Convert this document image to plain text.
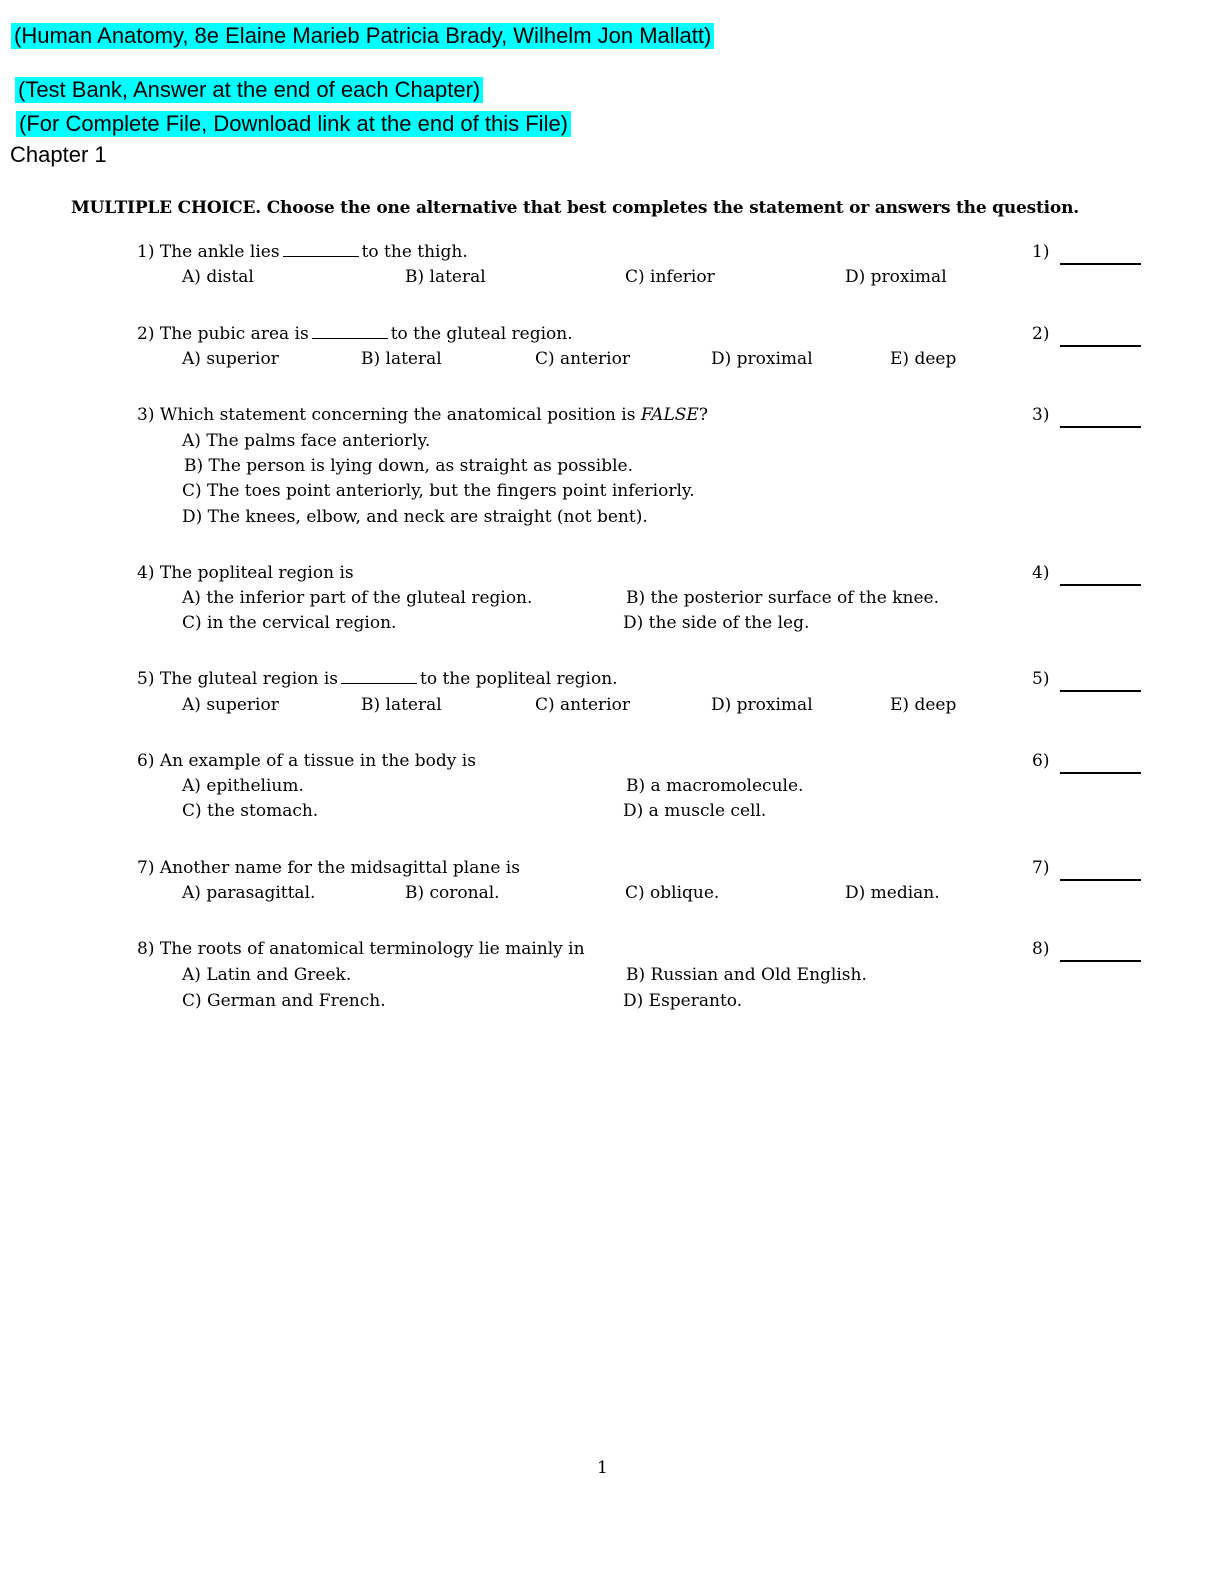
(Human Anatomy, 8e Elaine Marieb Patricia Brady, Wilhelm Jon Mallatt)
(Test Bank, Answer at the end of each Chapter)
(For Complete File, Download link at the end of this File)
Chapter 1
MULTIPLE CHOICE. Choose the one alternative that best completes the statement or answers the question.
1) The ankle lies	to the thigh.	1)
A) distal	B) lateral	C) inferior	D) proximal
2) The pubic area is	to the gluteal region.	2)
A) superior	B) lateral	C) anterior	D) proximal	E) deep
3) Which statement concerning the anatomical position is FALSE?	3)
A) The palms face anteriorly.
B) The person is lying down, as straight as possible.
C) The toes point anteriorly, but the fingers point inferiorly.
D) The knees, elbow, and neck are straight (not bent).
4) The popliteal region is	4)
A) the inferior part of the gluteal region.	B) the posterior surface of the knee.
C) in the cervical region.	D) the side of the leg.
5) The gluteal region is	to the popliteal region.	5)
A) superior	B) lateral	C) anterior	D) proximal	E) deep
6) An example of a tissue in the body is	6)
A) epithelium.	B) a macromolecule.
C) the stomach.	D) a muscle cell.
7) Another name for the midsagittal plane is	7)
A) parasagittal.	B) coronal.	C) oblique.	D) median.
8) The roots of anatomical terminology lie mainly in	8)
A) Latin and Greek.	B) Russian and Old English.
C) German and French.	D) Esperanto.
1
